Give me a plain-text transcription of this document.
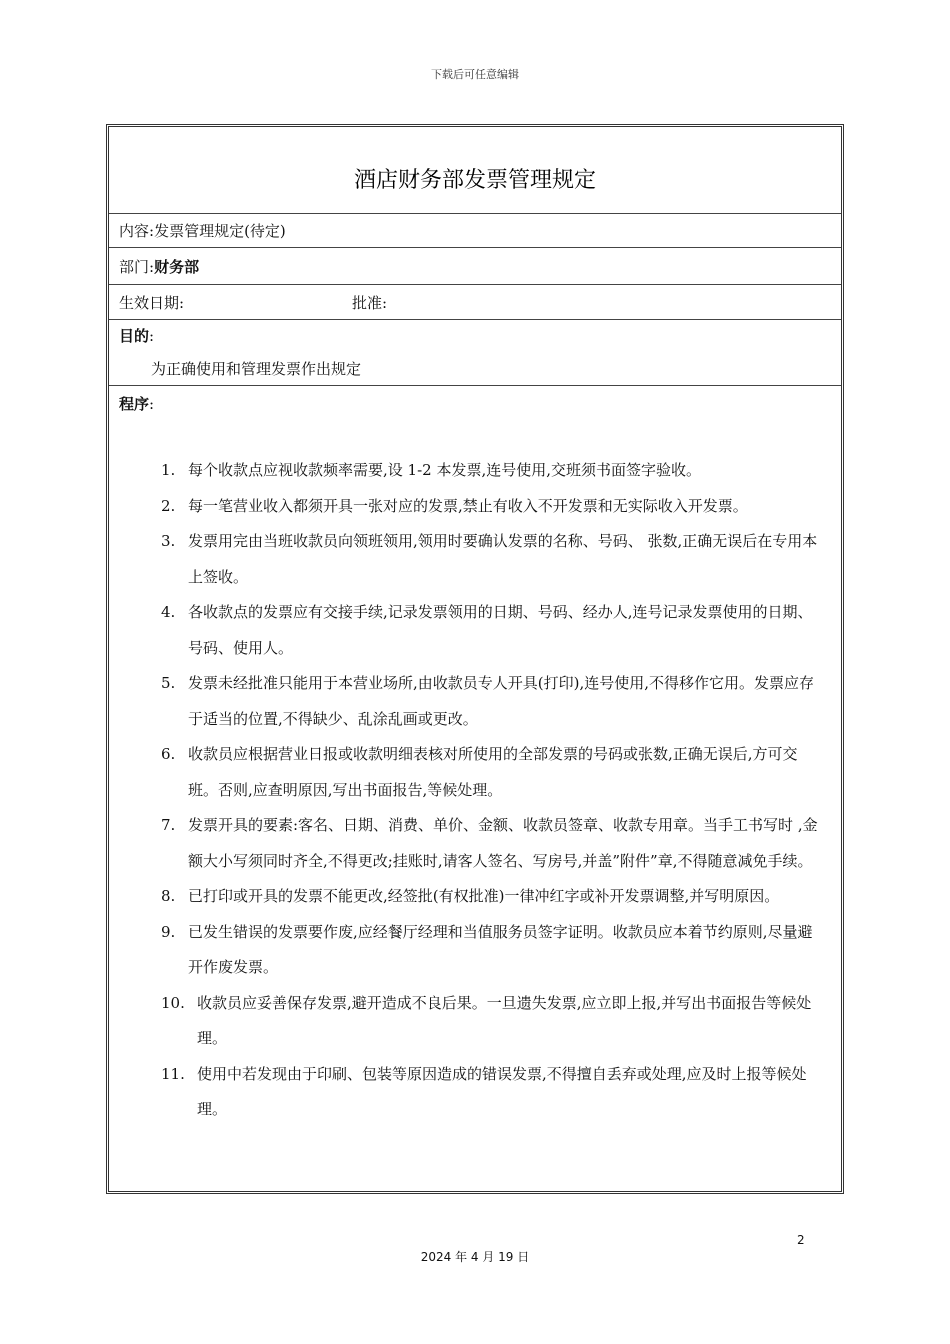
下载后可任意编辑
酒店财务部发票管理规定
内容:发票管理规定(待定)
部门:财务部
生效日期:	批准:
目的:
为正确使用和管理发票作出规定
程序:
1. 每个收款点应视收款频率需要,设 1-2 本发票,连号使用,交班须书面签字验收。
2. 每一笔营业收入都须开具一张对应的发票,禁止有收入不开发票和无实际收入开发票。
3. 发票用完由当班收款员向领班领用,领用时要确认发票的名称、号码、 张数,正确无误后在专用本上签收。
4. 各收款点的发票应有交接手续,记录发票领用的日期、号码、经办人,连号记录发票使用的日期、号码、使用人。
5. 发票未经批准只能用于本营业场所,由收款员专人开具(打印),连号使用,不得移作它用。发票应存于适当的位置,不得缺少、乱涂乱画或更改。
6. 收款员应根据营业日报或收款明细表核对所使用的全部发票的号码或张数,正确无误后,方可交班。否则,应查明原因,写出书面报告,等候处理。
7. 发票开具的要素:客名、日期、消费、单价、金额、收款员签章、收款专用章。当手工书写时 ,金额大小写须同时齐全,不得更改;挂账时,请客人签名、写房号,并盖”附件”章,不得随意减免手续。
8. 已打印或开具的发票不能更改,经签批(有权批准)一律冲红字或补开发票调整,并写明原因。
9. 已发生错误的发票要作废,应经餐厅经理和当值服务员签字证明。收款员应本着节约原则,尽量避开作废发票。
10. 收款员应妥善保存发票,避开造成不良后果。一旦遗失发票,应立即上报,并写出书面报告等候处理。
11. 使用中若发现由于印刷、包装等原因造成的错误发票,不得擅自丢弃或处理,应及时上报等候处理。
2
2024 年 4 月 19 日
